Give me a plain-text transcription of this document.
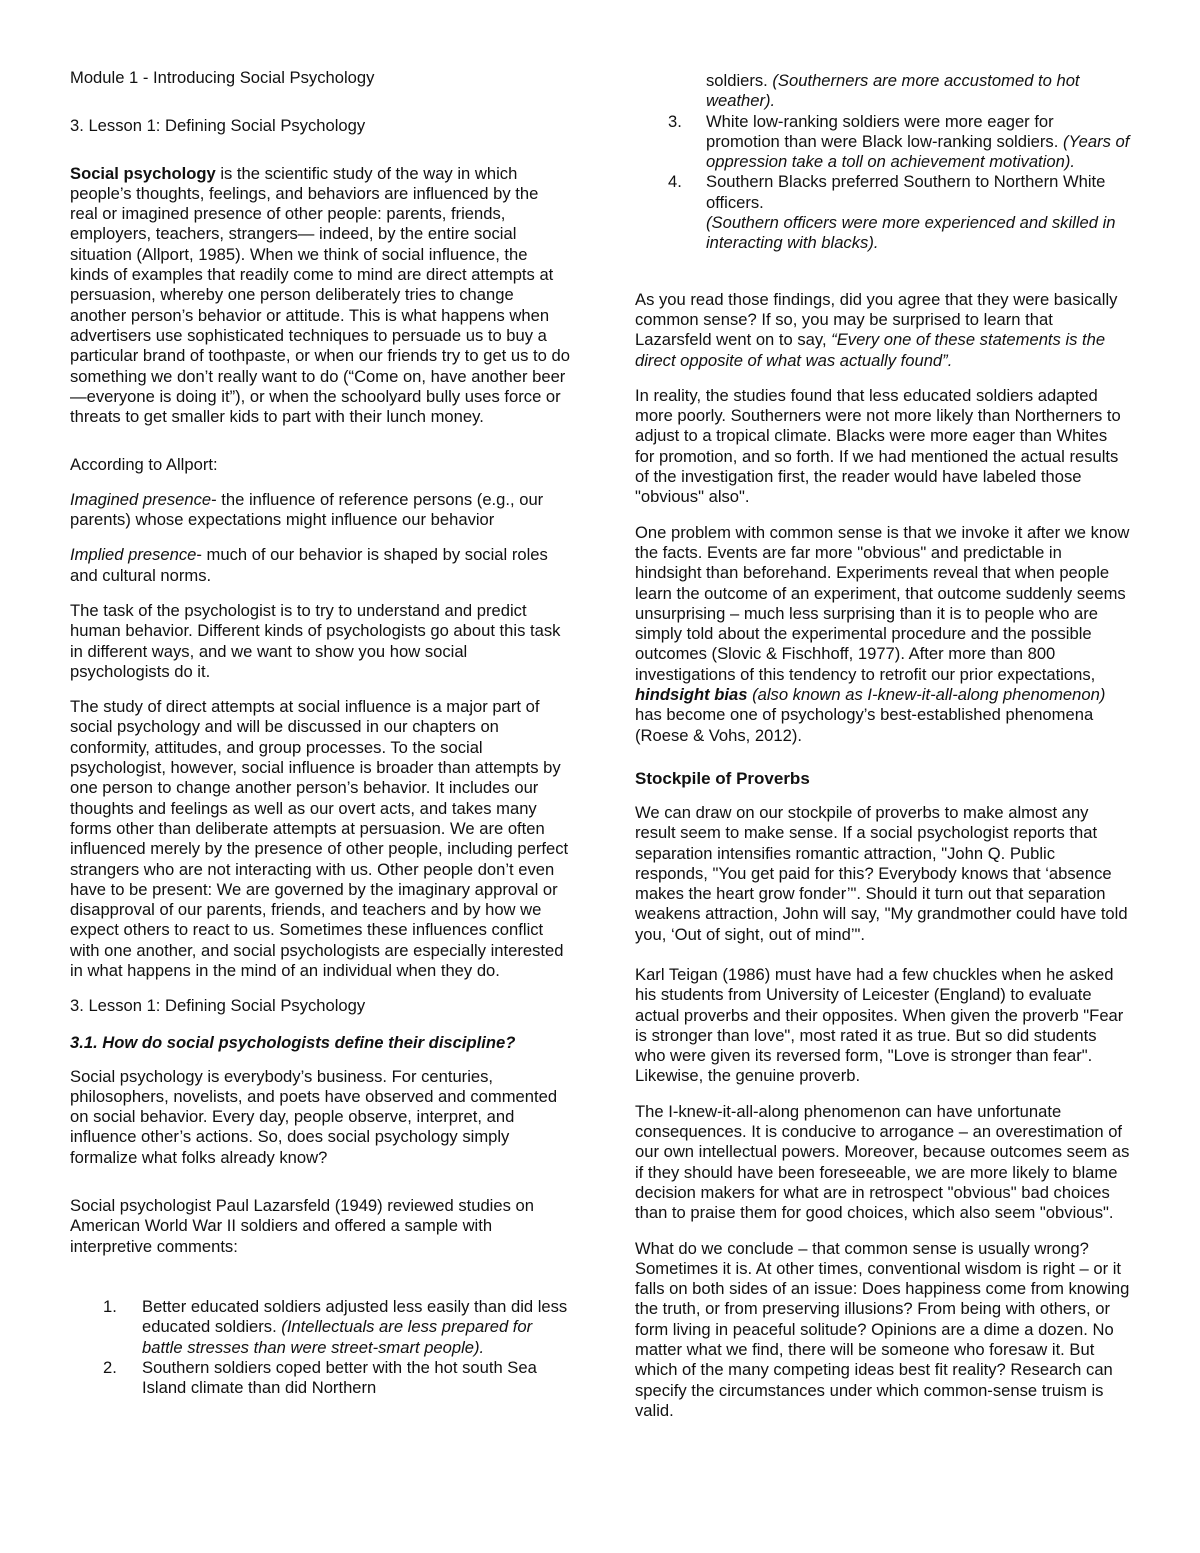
Module 1 - Introducing Social Psychology

3. Lesson 1: Defining Social Psychology

Social psychology is the scientific study of the way in which people’s thoughts, feelings, and behaviors are influenced by the real or imagined presence of other people: parents, friends, employers, teachers, strangers— indeed, by the entire social situation (Allport, 1985). When we think of social influence, the kinds of examples that readily come to mind are direct attempts at persuasion, whereby one person deliberately tries to change another person’s behavior or attitude. This is what happens when advertisers use sophisticated techniques to persuade us to buy a particular brand of toothpaste, or when our friends try to get us to do something we don’t really want to do (“Come on, have another beer—everyone is doing it”), or when the schoolyard bully uses force or threats to get smaller kids to part with their lunch money.

According to Allport:

Imagined presence- the influence of reference persons (e.g., our parents) whose expectations might influence our behavior

Implied presence- much of our behavior is shaped by social roles and cultural norms.

The task of the psychologist is to try to understand and predict human behavior. Different kinds of psychologists go about this task in different ways, and we want to show you how social psychologists do it.

The study of direct attempts at social influence is a major part of social psychology and will be discussed in our chapters on conformity, attitudes, and group processes. To the social psychologist, however, social influence is broader than attempts by one person to change another person’s behavior. It includes our thoughts and feelings as well as our overt acts, and takes many forms other than deliberate attempts at persuasion. We are often influenced merely by the presence of other people, including perfect strangers who are not interacting with us. Other people don’t even have to be present: We are governed by the imaginary approval or disapproval of our parents, friends, and teachers and by how we expect others to react to us. Sometimes these influences conflict with one another, and social psychologists are especially interested in what happens in the mind of an individual when they do.

3. Lesson 1: Defining Social Psychology

3.1. How do social psychologists define their discipline?

Social psychology is everybody’s business. For centuries, philosophers, novelists, and poets have observed and commented on social behavior. Every day, people observe, interpret, and influence other’s actions. So, does social psychology simply formalize what folks already know?

Social psychologist Paul Lazarsfeld (1949) reviewed studies on American World War II soldiers and offered a sample with interpretive comments:

1. Better educated soldiers adjusted less easily than did less educated soldiers. (Intellectuals are less prepared for battle stresses than were street-smart people).

2. Southern soldiers coped better with the hot south Sea Island climate than did Northern

soldiers. (Southerners are more accustomed to hot weather).

3. White low-ranking soldiers were more eager for promotion than were Black low-ranking soldiers. (Years of oppression take a toll on achievement motivation).

4. Southern Blacks preferred Southern to Northern White officers.
(Southern officers were more experienced and skilled in interacting with blacks).

As you read those findings, did you agree that they were basically common sense? If so, you may be surprised to learn that Lazarsfeld went on to say, “Every one of these statements is the direct opposite of what was actually found”.

In reality, the studies found that less educated soldiers adapted more poorly. Southerners were not more likely than Northerners to adjust to a tropical climate. Blacks were more eager than Whites for promotion, and so forth. If we had mentioned the actual results of the investigation first, the reader would have labeled those "obvious" also".

One problem with common sense is that we invoke it after we know the facts. Events are far more "obvious" and predictable in hindsight than beforehand. Experiments reveal that when people learn the outcome of an experiment, that outcome suddenly seems unsurprising – much less surprising than it is to people who are simply told about the experimental procedure and the possible outcomes (Slovic & Fischhoff, 1977). After more than 800 investigations of this tendency to retrofit our prior expectations, hindsight bias (also known as I-knew-it-all-along phenomenon) has become one of psychology’s best-established phenomena (Roese & Vohs, 2012).

Stockpile of Proverbs

We can draw on our stockpile of proverbs to make almost any result seem to make sense. If a social psychologist reports that separation intensifies romantic attraction, "John Q. Public responds, "You get paid for this? Everybody knows that ‘absence makes the heart grow fonder’". Should it turn out that separation weakens attraction, John will say, "My grandmother could have told you, ‘Out of sight, out of mind’".

Karl Teigan (1986) must have had a few chuckles when he asked his students from University of Leicester (England) to evaluate actual proverbs and their opposites. When given the proverb "Fear is stronger than love", most rated it as true. But so did students who were given its reversed form, "Love is stronger than fear". Likewise, the genuine proverb.

The I-knew-it-all-along phenomenon can have unfortunate consequences. It is conducive to arrogance – an overestimation of our own intellectual powers. Moreover, because outcomes seem as if they should have been foreseeable, we are more likely to blame decision makers for what are in retrospect "obvious" bad choices than to praise them for good choices, which also seem "obvious".

What do we conclude – that common sense is usually wrong? Sometimes it is. At other times, conventional wisdom is right – or it falls on both sides of an issue: Does happiness come from knowing the truth, or from preserving illusions? From being with others, or form living in peaceful solitude? Opinions are a dime a dozen. No matter what we find, there will be someone who foresaw it. But which of the many competing ideas best fit reality? Research can specify the circumstances under which common-sense truism is valid.
